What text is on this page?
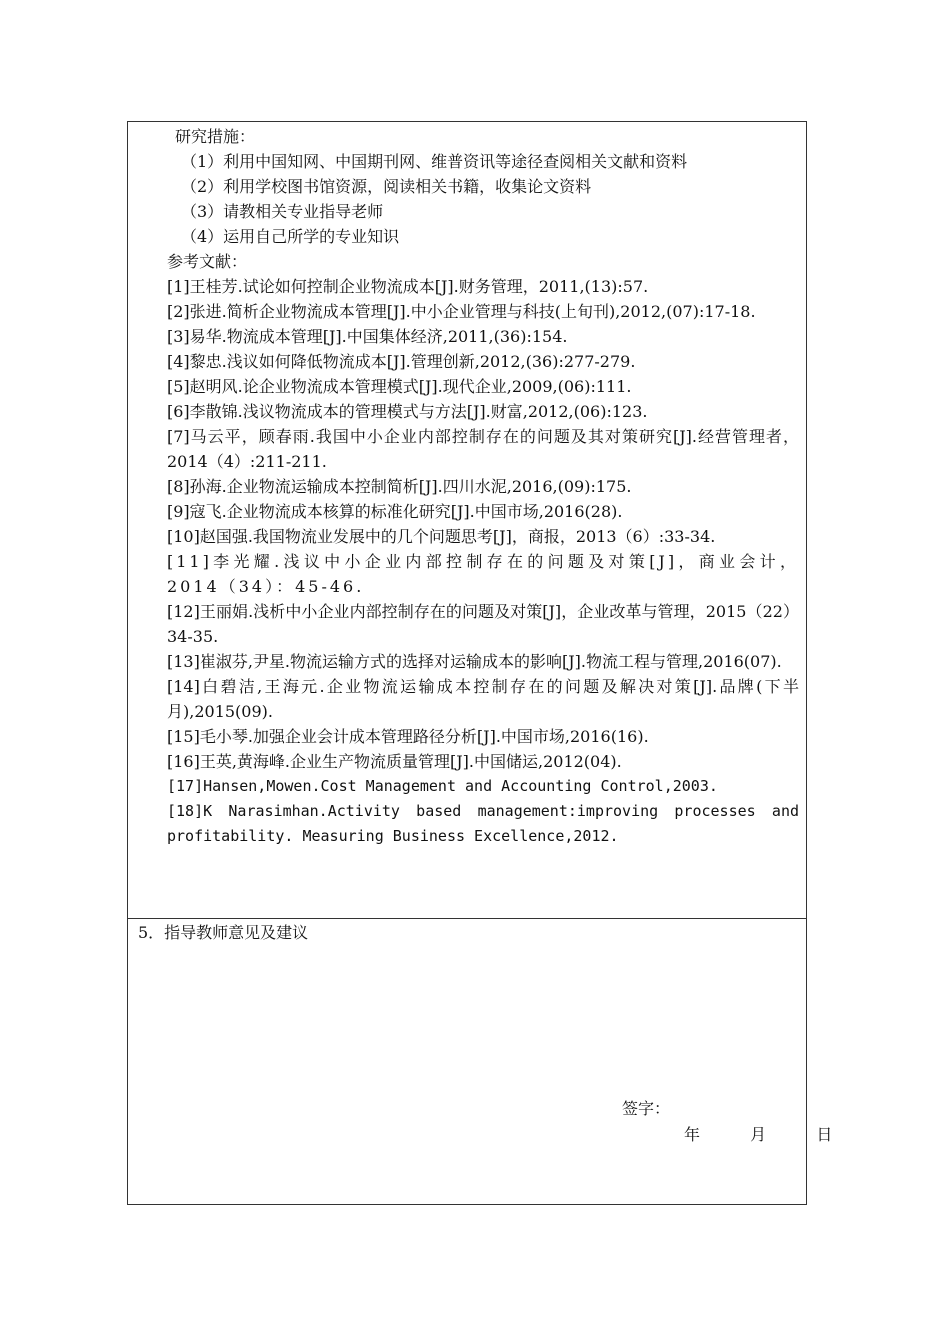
研究措施：
（1）利用中国知网、中国期刊网、维普资讯等途径查阅相关文献和资料
（2）利用学校图书馆资源，阅读相关书籍，收集论文资料
（3）请教相关专业指导老师
（4）运用自己所学的专业知识
参考文献：
[1]王桂芳.试论如何控制企业物流成本[J].财务管理，2011,(13):57.
[2]张进.简析企业物流成本管理[J].中小企业管理与科技(上旬刊),2012,(07):17-18.
[3]易华.物流成本管理[J].中国集体经济,2011,(36):154.
[4]黎忠.浅议如何降低物流成本[J].管理创新,2012,(36):277-279.
[5]赵明风.论企业物流成本管理模式[J].现代企业,2009,(06):111.
[6]李散锦.浅议物流成本的管理模式与方法[J].财富,2012,(06):123.
[7]马云平，顾春雨.我国中小企业内部控制存在的问题及其对策研究[J].经营管理者，2014（4）:211-211.
[8]孙海.企业物流运输成本控制简析[J].四川水泥,2016,(09):175.
[9]寇飞.企业物流成本核算的标准化研究[J].中国市场,2016(28).
[10]赵国强.我国物流业发展中的几个问题思考[J]，商报，2013（6）:33-34.
[11]李光耀.浅议中小企业内部控制存在的问题及对策[J]，商业会计，2014（34）：45-46.
[12]王丽娟.浅析中小企业内部控制存在的问题及对策[J]，企业改革与管理，2015（22）34-35.
[13]崔淑芬,尹星.物流运输方式的选择对运输成本的影响[J].物流工程与管理,2016(07).
[14]白碧洁,王海元.企业物流运输成本控制存在的问题及解决对策[J].品牌(下半月),2015(09).
[15]毛小琴.加强企业会计成本管理路径分析[J].中国市场,2016(16).
[16]王英,黄海峰.企业生产物流质量管理[J].中国储运,2012(04).
[17]Hansen,Mowen.Cost Management and Accounting Control,2003.
[18]K Narasimhan.Activity based management:improving processes and profitability. Measuring Business Excellence,2012.
5．指导教师意见及建议
签字：
年  月  日
